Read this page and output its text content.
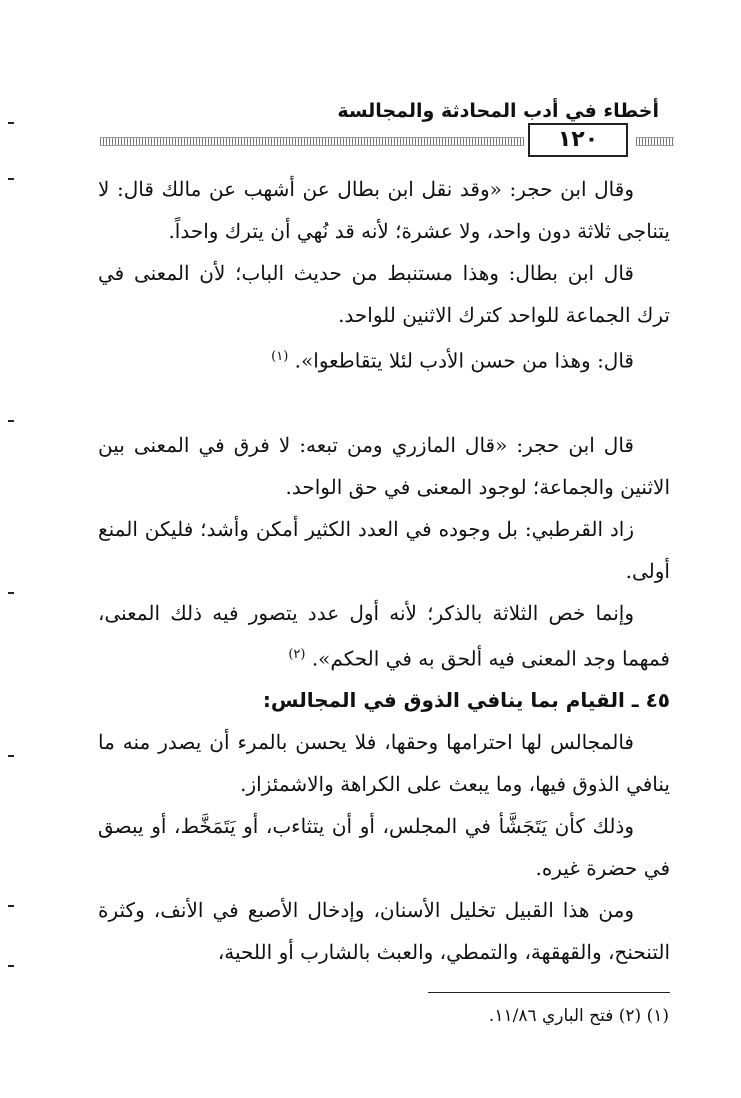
أخطاء في أدب المحادثة والمجالسة
١٢٠

وقال ابن حجر: «وقد نقل ابن بطال عن أشهب عن مالك قال: لا يتناجى ثلاثة دون واحد، ولا عشرة؛ لأنه قد نُهي أن يترك واحداً.

قال ابن بطال: وهذا مستنبط من حديث الباب؛ لأن المعنى في ترك الجماعة للواحد كترك الاثنين للواحد.

قال: وهذا من حسن الأدب لئلا يتقاطعوا». $^{(١)}$

قال ابن حجر: «قال المازري ومن تبعه: لا فرق في المعنى بين الاثنين والجماعة؛ لوجود المعنى في حق الواحد.

زاد القرطبي: بل وجوده في العدد الكثير أمكن وأشد؛ فليكن المنع أولى.

وإنما خص الثلاثة بالذكر؛ لأنه أول عدد يتصور فيه ذلك المعنى، فمهما وجد المعنى فيه ألحق به في الحكم». $^{(٢)}$

٤٥ ـ القيام بما ينافي الذوق في المجالس:

فالمجالس لها احترامها وحقها، فلا يحسن بالمرء أن يصدر منه ما ينافي الذوق فيها، وما يبعث على الكراهة والاشمئزاز.

وذلك كأن يَتَجَشَّأ في المجلس، أو أن يتثاءب، أو يَتَمَخَّط، أو يبصق في حضرة غيره.

ومن هذا القبيل تخليل الأسنان، وإدخال الأصبع في الأنف، وكثرة التنحنح، والقهقهة، والتمطي، والعبث بالشارب أو اللحية،

(١) (٢) فتح الباري ١١/٨٦.
